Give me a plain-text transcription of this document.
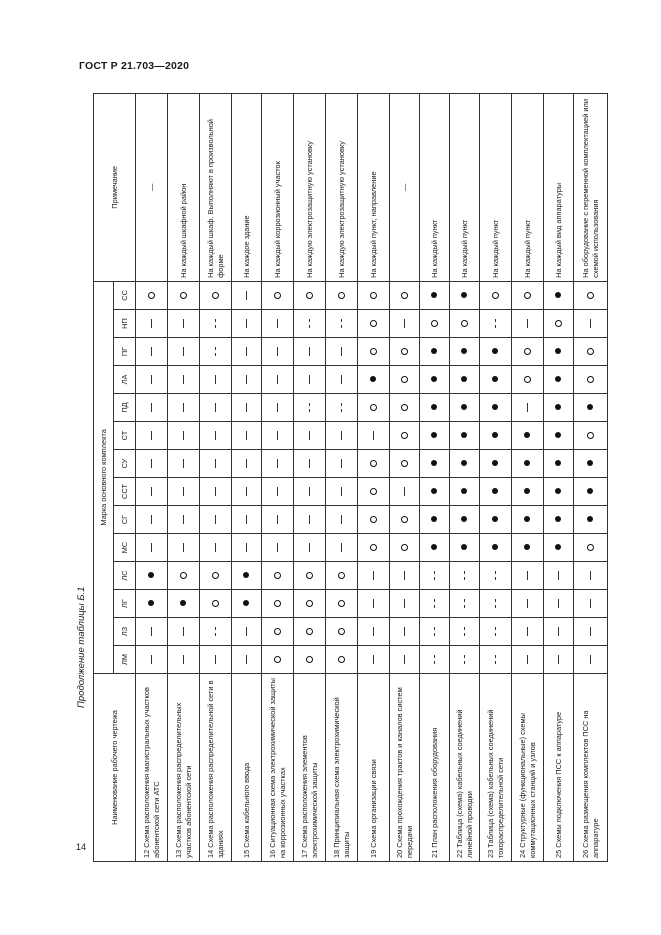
ГОСТ Р 21.703—2020
Продолжение таблицы Б.1
14
Наименование рабочего чертежа	Марка основного комплекта														Примечание
	ЛМ	ЛЗ	ЛГ	ЛС	МС	СГ	ССТ	СУ	СТ	ПД	ЛА	ПГ	НП	СС	
12 Схема расположения магистральных участков абонентской сети АТС															—
13 Схема расположения распределительных участков абонентской сети															На каждый шкафной район
14 Схема расположения распределительной сети в зданиях															На каждый шкаф. Выполняют в произвольной форме
15 Схема кабельного ввода															На каждое здание
16 Ситуационная схема электрохимической защиты на коррозионных участках															На каждый коррозионный участок
17 Схема расположения элементов электрохимической защиты															На каждую электрозащитную установку
18 Принципиальная схема электрохимической защиты															На каждую электрозащитную установку
19 Схема организации связи															На каждый пункт, направление
20 Схема прохождения трактов и каналов систем передачи															—
21 План расположения оборудования															На каждый пункт
22 Таблица (схема) кабельных соединений линейной проводки															На каждый пункт
23 Таблица (схема) кабельных соединений токораспределительной сети															На каждый пункт
24 Структурные (функциональные) схемы коммутационных станций и узлов															На каждый пункт
25 Схемы подключения ПСС к аппаратуре															На каждый вид аппаратуры
26 Схема размещения комплектов ПСС на аппаратуре															На оборудование с переменной комплектацией или схемой использования
